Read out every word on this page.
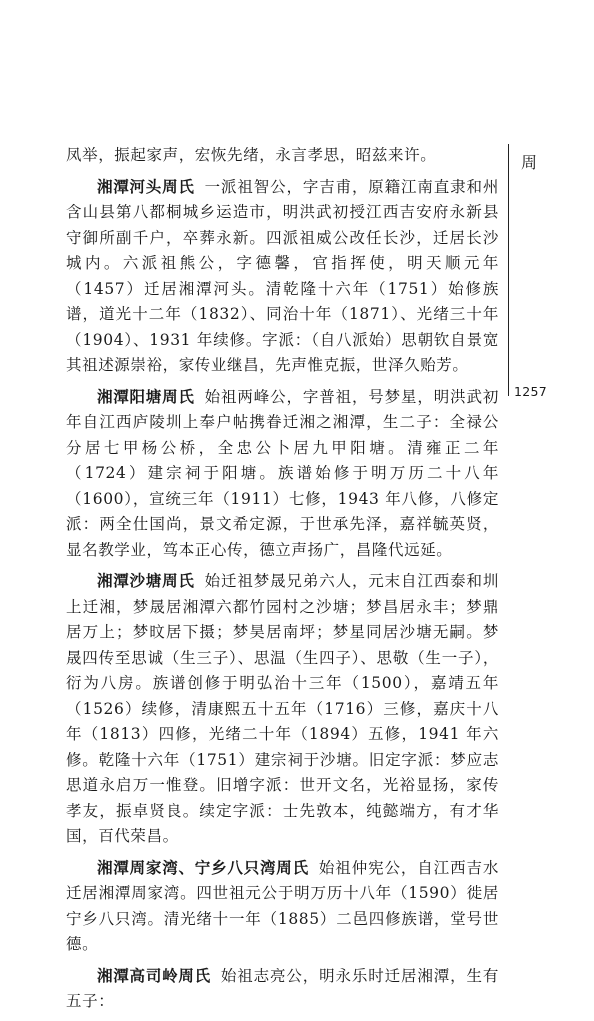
凤举，振起家声，宏恢先绪，永言孝思，昭兹来许。

湘潭河头周氏 一派祖智公，字吉甫，原籍江南直隶和州含山县第八都桐城乡运造市，明洪武初授江西吉安府永新县守御所副千户，卒葬永新。四派祖威公改任长沙，迁居长沙城内。六派祖熊公，字德馨，官指挥使，明天顺元年（1457）迁居湘潭河头。清乾隆十六年（1751）始修族谱，道光十二年（1832）、同治十年（1871）、光绪三十年（1904）、1931 年续修。字派：（自八派始）思朝钦自景宽其祖述源崇裕，家传业继昌，先声惟克振，世泽久贻芳。

湘潭阳塘周氏 始祖两峰公，字普祖，号梦星，明洪武初年自江西庐陵圳上奉户帖携眷迁湘之湘潭，生二子：全禄公分居七甲杨公桥，全忠公卜居九甲阳塘。清雍正二年（1724）建宗祠于阳塘。族谱始修于明万历二十八年（1600），宣统三年（1911）七修，1943 年八修，八修定派：两全仕国尚，景文希定源，于世承先泽，嘉祥毓英贤，显名教学业，笃本正心传，德立声扬广，昌隆代远延。

湘潭沙塘周氏 始迁祖梦晟兄弟六人，元末自江西泰和圳上迁湘，梦晟居湘潭六都竹园村之沙塘；梦昌居永丰；梦鼎居万上；梦旼居下摄；梦昊居南坪；梦星同居沙塘无嗣。梦晟四传至思诚（生三子）、思温（生四子）、思敬（生一子），衍为八房。族谱创修于明弘治十三年（1500），嘉靖五年（1526）续修，清康熙五十五年（1716）三修，嘉庆十八年（1813）四修，光绪二十年（1894）五修，1941 年六修。乾隆十六年（1751）建宗祠于沙塘。旧定字派：梦应志思道永启万一惟登。旧增字派：世开文名，光裕显扬，家传孝友，振卓贤良。续定字派：士先敦本，纯懿端方，有才华国，百代荣昌。

湘潭周家湾、宁乡八只湾周氏 始祖仲宪公，自江西吉水迁居湘潭周家湾。四世祖元公于明万历十八年（1590）徙居宁乡八只湾。清光绪十一年（1885）二邑四修族谱，堂号世德。

湘潭高司岭周氏 始祖志亮公，明永乐时迁居湘潭，生有五子：

周
1257
